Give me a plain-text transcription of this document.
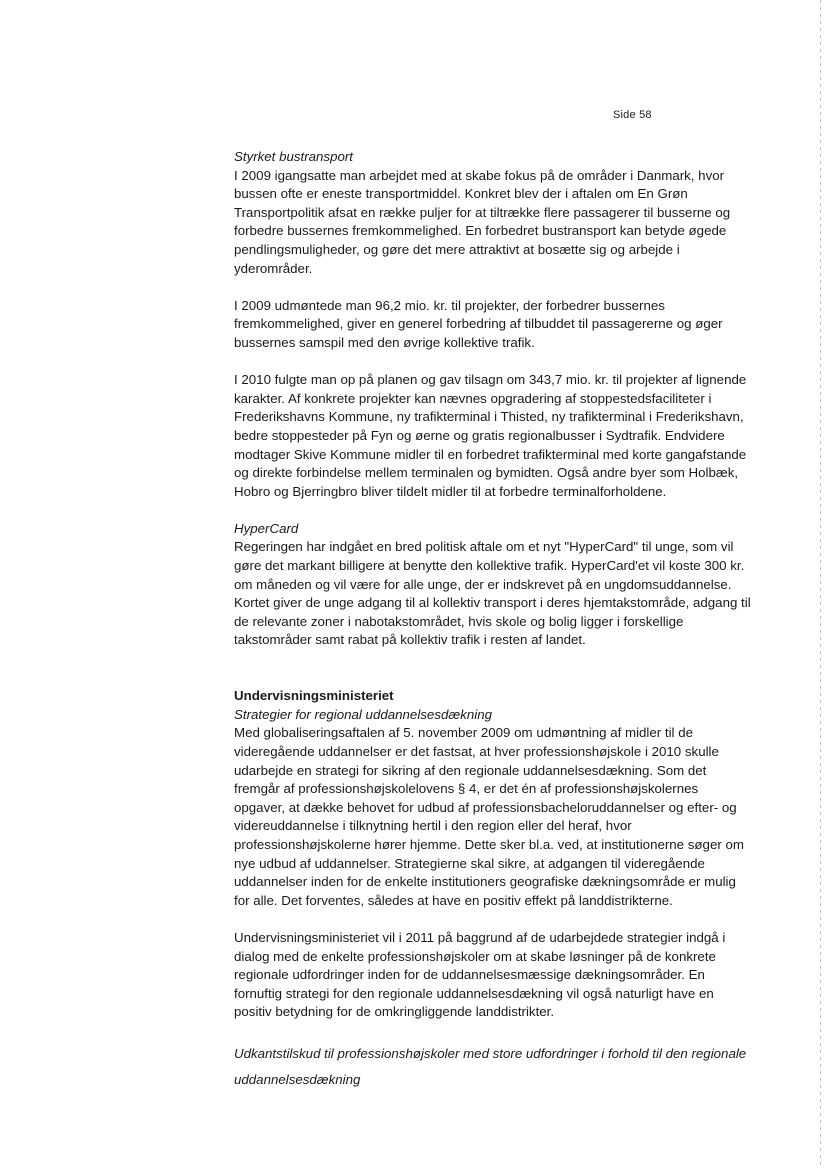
Side 58

Styrket bustransport

I 2009 igangsatte man arbejdet med at skabe fokus på de områder i Danmark, hvor bussen ofte er eneste transportmiddel. Konkret blev der i aftalen om En Grøn Transportpolitik afsat en række puljer for at tiltrække flere passagerer til busserne og forbedre bussernes fremkommelighed. En forbedret bustransport kan betyde øgede pendlingsmuligheder, og gøre det mere attraktivt at bosætte sig og arbejde i yderområder.

I 2009 udmøntede man 96,2 mio. kr. til projekter, der forbedrer bussernes fremkommelighed, giver en generel forbedring af tilbuddet til passagererne og øger bussernes samspil med den øvrige kollektive trafik.

I 2010 fulgte man op på planen og gav tilsagn om 343,7 mio. kr. til projekter af lignende karakter. Af konkrete projekter kan nævnes opgradering af stoppestedsfaciliteter i Frederikshavns Kommune, ny trafikterminal i Thisted, ny trafikterminal i Frederikshavn, bedre stoppesteder på Fyn og øerne og gratis regionalbusser i Sydtrafik. Endvidere modtager Skive Kommune midler til en forbedret trafikterminal med korte gangafstande og direkte forbindelse mellem terminalen og bymidten. Også andre byer som Holbæk, Hobro og Bjerringbro bliver tildelt midler til at forbedre terminalforholdene.

HyperCard

Regeringen har indgået en bred politisk aftale om et nyt "HyperCard" til unge, som vil gøre det markant billigere at benytte den kollektive trafik. HyperCard'et vil koste 300 kr. om måneden og vil være for alle unge, der er indskrevet på en ungdomsuddannelse. Kortet giver de unge adgang til al kollektiv transport i deres hjemtakstområde, adgang til de relevante zoner i nabotakstområdet, hvis skole og bolig ligger i forskellige takstområder samt rabat på kollektiv trafik i resten af landet.

Undervisningsministeriet

Strategier for regional uddannelsesdækning

Med globaliseringsaftalen af 5. november 2009 om udmøntning af midler til de videregående uddannelser er det fastsat, at hver professionshøjskole i 2010 skulle udarbejde en strategi for sikring af den regionale uddannelsesdækning. Som det fremgår af professionshøjskolelovens § 4, er det én af professionshøjskolernes opgaver, at dække behovet for udbud af professionsbacheloruddannelser og efter- og videreuddannelse i tilknytning hertil i den region eller del heraf, hvor professionshøjskolerne hører hjemme. Dette sker bl.a. ved, at institutionerne søger om nye udbud af uddannelser. Strategierne skal sikre, at adgangen til videregående uddannelser inden for de enkelte institutioners geografiske dækningsområde er mulig for alle. Det forventes, således at have en positiv effekt på landdistrikterne.

Undervisningsministeriet vil i 2011 på baggrund af de udarbejdede strategier indgå i dialog med de enkelte professionshøjskoler om at skabe løsninger på de konkrete regionale udfordringer inden for de uddannelsesmæssige dækningsområder. En fornuftig strategi for den regionale uddannelsesdækning vil også naturligt have en positiv betydning for de omkringliggende landdistrikter.

Udkantstilskud til professionshøjskoler med store udfordringer i forhold til den regionale uddannelsesdækning
